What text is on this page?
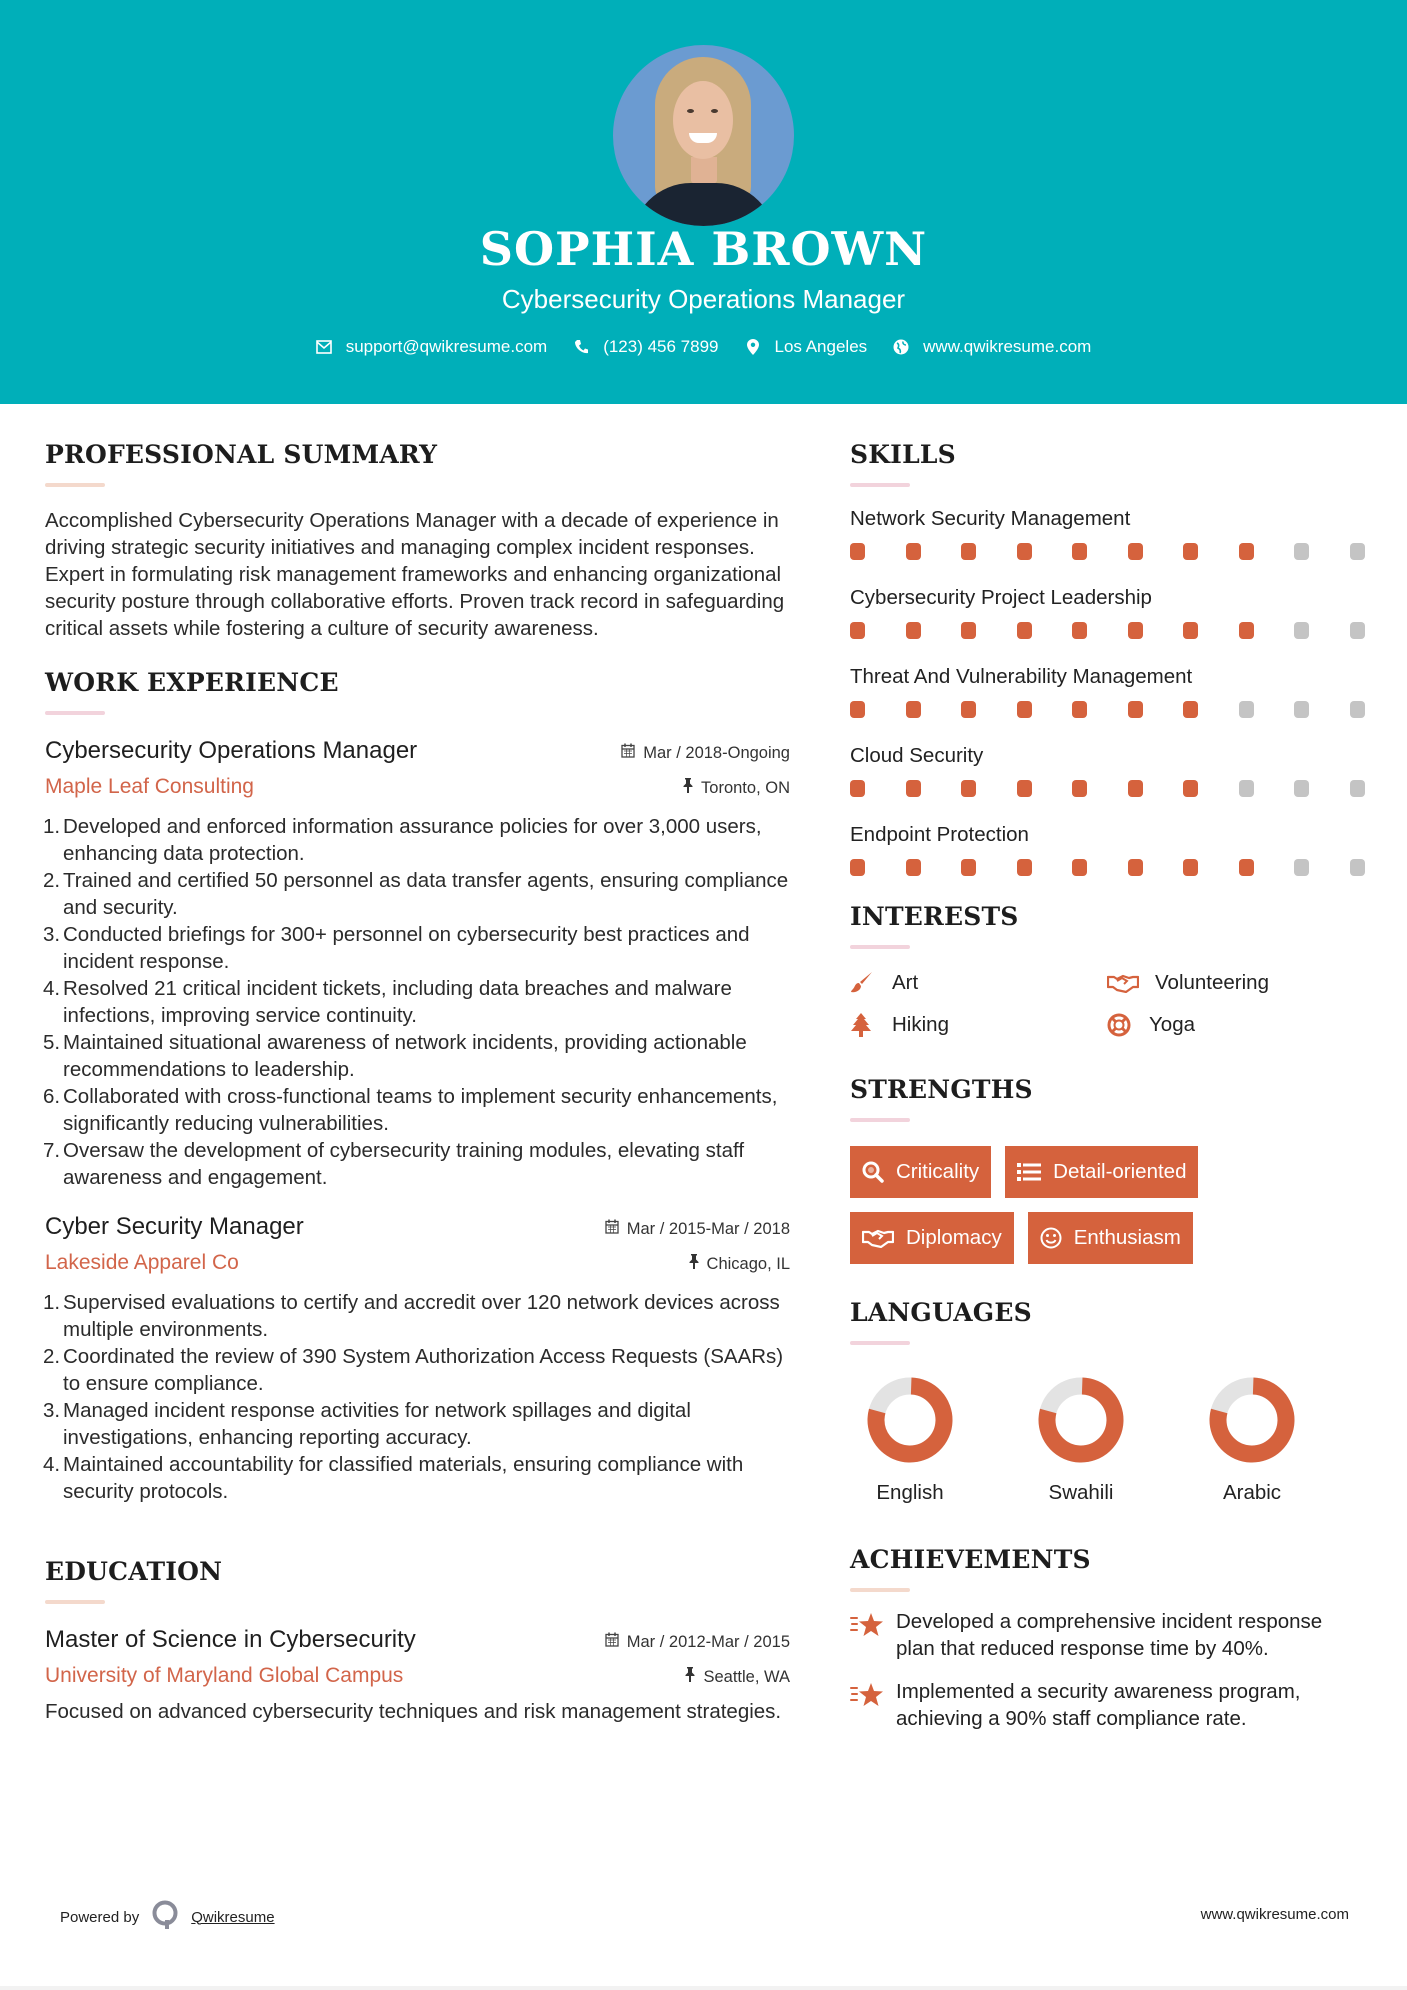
SOPHIA BROWN
Cybersecurity Operations Manager
support@qwikresume.com	(123) 456 7899	Los Angeles	www.qwikresume.com
PROFESSIONAL SUMMARY

Accomplished Cybersecurity Operations Manager with a decade of experience in driving strategic security initiatives and managing complex incident responses. Expert in formulating risk management frameworks and enhancing organizational security posture through collaborative efforts. Proven track record in safeguarding critical assets while fostering a culture of security awareness.

WORK EXPERIENCE
Cybersecurity Operations Manager	Mar / 2018-Ongoing
Maple Leaf Consulting	Toronto, ON
Developed and enforced information assurance policies for over 3,000 users, enhancing data protection.
Trained and certified 50 personnel as data transfer agents, ensuring compliance and security.
Conducted briefings for 300+ personnel on cybersecurity best practices and incident response.
Resolved 21 critical incident tickets, including data breaches and malware infections, improving service continuity.
Maintained situational awareness of network incidents, providing actionable recommendations to leadership.
Collaborated with cross-functional teams to implement security enhancements, significantly reducing vulnerabilities.
Oversaw the development of cybersecurity training modules, elevating staff awareness and engagement.
Cyber Security Manager	Mar / 2015-Mar / 2018
Lakeside Apparel Co	Chicago, IL
Supervised evaluations to certify and accredit over 120 network devices across multiple environments.
Coordinated the review of 390 System Authorization Access Requests (SAARs) to ensure compliance.
Managed incident response activities for network spillages and digital investigations, enhancing reporting accuracy.
Maintained accountability for classified materials, ensuring compliance with security protocols.
EDUCATION
Master of Science in Cybersecurity	Mar / 2012-Mar / 2015
University of Maryland Global Campus	Seattle, WA

Focused on advanced cybersecurity techniques and risk management strategies.

SKILLS
Network Security Management
Cybersecurity Project Leadership
Threat And Vulnerability Management
Cloud Security
Endpoint Protection
INTERESTS
Art	Volunteering
Hiking	Yoga
STRENGTHS
Criticality	Detail-oriented
Diplomacy	Enthusiasm
LANGUAGES
English	Swahili	Arabic
ACHIEVEMENTS
Developed a comprehensive incident response plan that reduced response time by 40%.
Implemented a security awareness program, achieving a 90% staff compliance rate.
Powered by	Qwikresume	www.qwikresume.com
